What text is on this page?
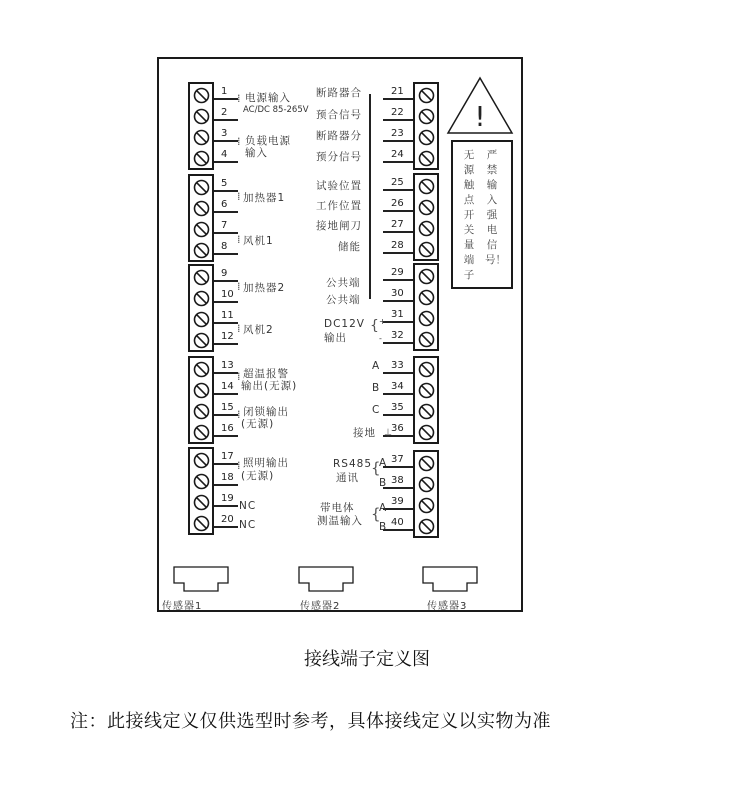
1
2
3
4
5
6
7
8
9
10
11
12
13
14
15
16
17
18
19
20
21
22
23
24
25
26
27
28
29
30
31
32
33
34
35
36
37
38
39
40
电源输入
AC/DC 85-265V
负载电源
输入
加热器1
风机1
加热器2
风机2
超温报警
输出(无源)
闭锁输出
(无源)
照明输出
(无源)
NC
NC
⁞
⁞
⁞
⁞
⁞
⁞
⁞
⁞
⁞
断路器合
预合信号
断路器分
预分信号
试验位置
工作位置
接地闸刀
储能
公共端
公共端
DC12V
输出
{ +
-
A
B
C
接地 ⏚
RS485
通讯
{
A
B
带电体
测温输入 {
A
B
!
无源触点开关量端子
严禁输入强电信号！
传感器1	传感器2	传感器3
接线端子定义图
注：此接线定义仅供选型时参考，具体接线定义以实物为准
